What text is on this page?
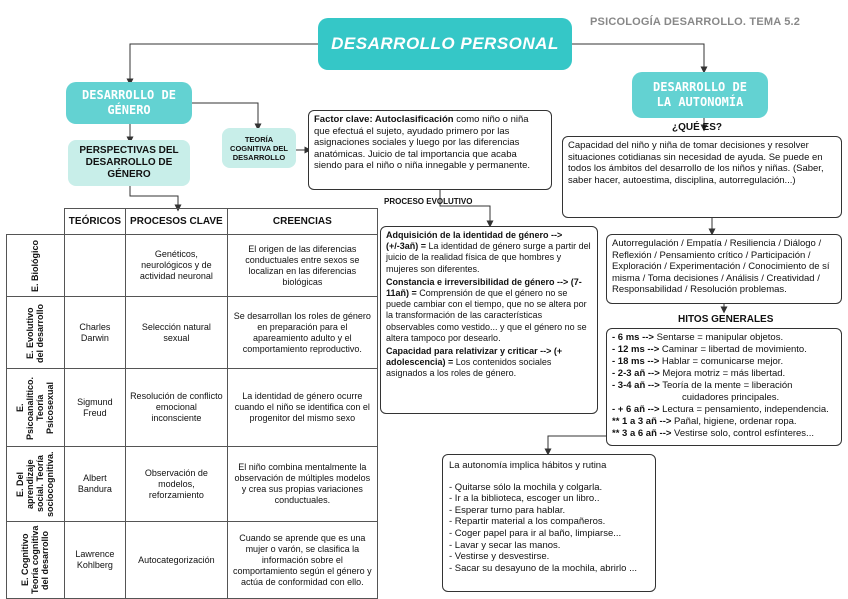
PSICOLOGÍA DESARROLLO. TEMA 5.2
DESARROLLO PERSONAL
DESARROLLO DE
GÉNERO
PERSPECTIVAS DEL DESARROLLO DE GÉNERO
TEORÍA COGNITIVA DEL DESARROLLO
Factor clave: Autoclasificación como niño o niña que efectuá el sujeto, ayudado primero por las asignaciones sociales y luego por las diferencias anatómicas. Juicio de tal importancia que acaba siendo para el niño o niña innegable y permanente.
PROCESO EVOLUTIVO
Adquisición de la identidad de género --> (+/-3añ) = La identidad de género surge a partir del juicio de la realidad física de que hombres y mujeres son diferentes.
Constancia e irreversibilidad de género --> (7-11añ) = Comprensión de que el género no se puede cambiar con el tiempo, que no se altera por la transformación de las características observables como vestido... y que el género no se altera tampoco por desearlo.
Capacidad para relativizar y criticar --> (+ adolescencia) = Los contenidos sociales asignados a los roles de género.
	TEÓRICOS	PROCESOS CLAVE	CREENCIAS

E. Biológico		Genéticos, neurológicos y de actividad neuronal	El origen de las diferencias conductuales entre sexos se localizan en las diferencias biológicas

E. Evolutivo del desarrollo	Charles Darwin	Selección natural sexual	Se desarrollan los roles de género en preparación para el apareamiento adulto y el comportamiento reproductivo.

E. Psicoanalítico. Teoría Psicosexual	Sigmund Freud	Resolución de conflicto emocional inconsciente	La identidad de género ocurre cuando el niño se identifica con el progenitor del mismo sexo

E. Del aprendizaje social. Teoría sociocognitiva.	Albert Bandura	Observación de modelos, reforzamiento	El niño combina mentalmente la observación de múltiples modelos y crea sus propias variaciones conductuales.

E. Cognitivo Teoría cognitiva del desarrollo	Lawrence Kohlberg	Autocategorización	Cuando se aprende que es una mujer o varón, se clasifica la información sobre el comportamiento según el género y actúa de conformidad con ello.
DESARROLLO DE
LA AUTONOMÍA
¿QUÉ ES?
Capacidad del niño y niña de tomar decisiones y resolver situaciones cotidianas sin necesidad de ayuda. Se puede en todos los ámbitos del desarrollo de los niños y niñas. (Saber, saber hacer, autoestima, disciplina, autorregulación...)
Autorregulación / Empatía / Resiliencia / Diálogo / Reflexión / Pensamiento crítico / Participación / Exploración / Experimentación / Conocimiento de sí misma / Toma decisiones / Análisis / Creatividad / Responsabilidad / Resolución problemas.
HITOS GENERALES
- 6 ms --> Sentarse = manipular objetos.
- 12 ms --> Caminar = libertad de movimiento.
- 18 ms --> Hablar = comunicarse mejor.
- 2-3 añ --> Mejora motriz = más libertad.
- 3-4 añ --> Teoría de la mente = liberación
cuidadores principales.
- + 6 añ --> Lectura = pensamiento, independencia.
** 1 a 3 añ --> Pañal, higiene, ordenar ropa.
** 3 a 6 añ --> Vestirse solo, control esfínteres...
La autonomía implica hábitos y rutina
- Quitarse sólo la mochila y colgarla.
- Ir a la biblioteca, escoger un libro..
- Esperar turno para hablar.
- Repartir material a los compañeros.
- Coger papel para ir al baño, limpiarse...
- Lavar y secar las manos.
- Vestirse y desvestirse.
- Sacar su desayuno de la mochila, abrirlo ...
